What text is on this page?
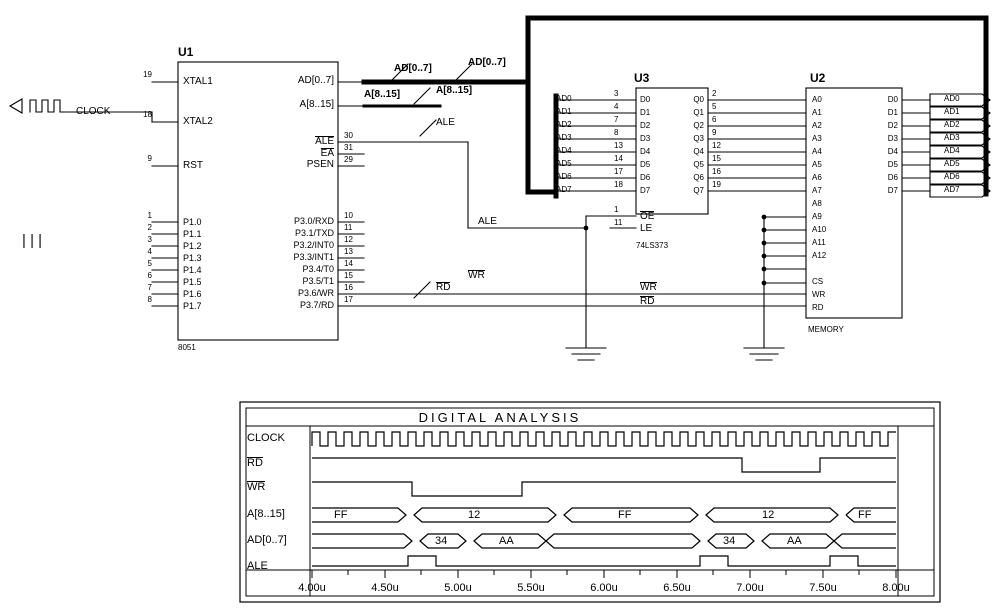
| | |
CLOCK
U1
8051
19
XTAL1
18
XTAL2
9
RST
1
P1.0
2
P1.1
3
P1.2
4
P1.3
5
P1.4
6
P1.5
7
P1.6
8
P1.7
AD[0..7]
A[8..15]
30
ALE
31
EA
29
PSEN
10
P3.0/RXD
11
P3.1/TXD
12
P3.2/INT0
13
P3.3/INT1
14
P3.4/T0
15
P3.5/T1
16
P3.6/WR
17
P3.7/RD
AD[0..7]
AD[0..7]
A[8..15]	A[8..15]
ALE
ALE
RD
WR
WR
RD
AD0
AD1
AD2
AD3
AD4
AD5
AD6
AD7
U3
74LS373
3
D0
4
D1
7
D2
8
D3
13
D4
14
D5
17
D6
18
D7
1
OE
11
LE
Q0
2
Q1
5
Q2
6
Q3
9
Q4
12
Q5
15
Q6
16
Q7
19
U2
MEMORY
A0
A1
A2
A3
A4
A5
A6
A7
A8
A9
A10
A11
A12
CS
WR
RD
D0
D1
D2
D3
D4
D5
D6
D7
AD0
AD1
AD2
AD3
AD4
AD5
AD6
AD7
DIGITAL ANALYSIS
CLOCK
RD
WR
A[8..15]
AD[0..7]
ALE
FF	12	FF	12	FF
34	AA	34	AA
4.00u	4.50u	5.00u	5.50u	6.00u	6.50u	7.00u	7.50u	8.00u
